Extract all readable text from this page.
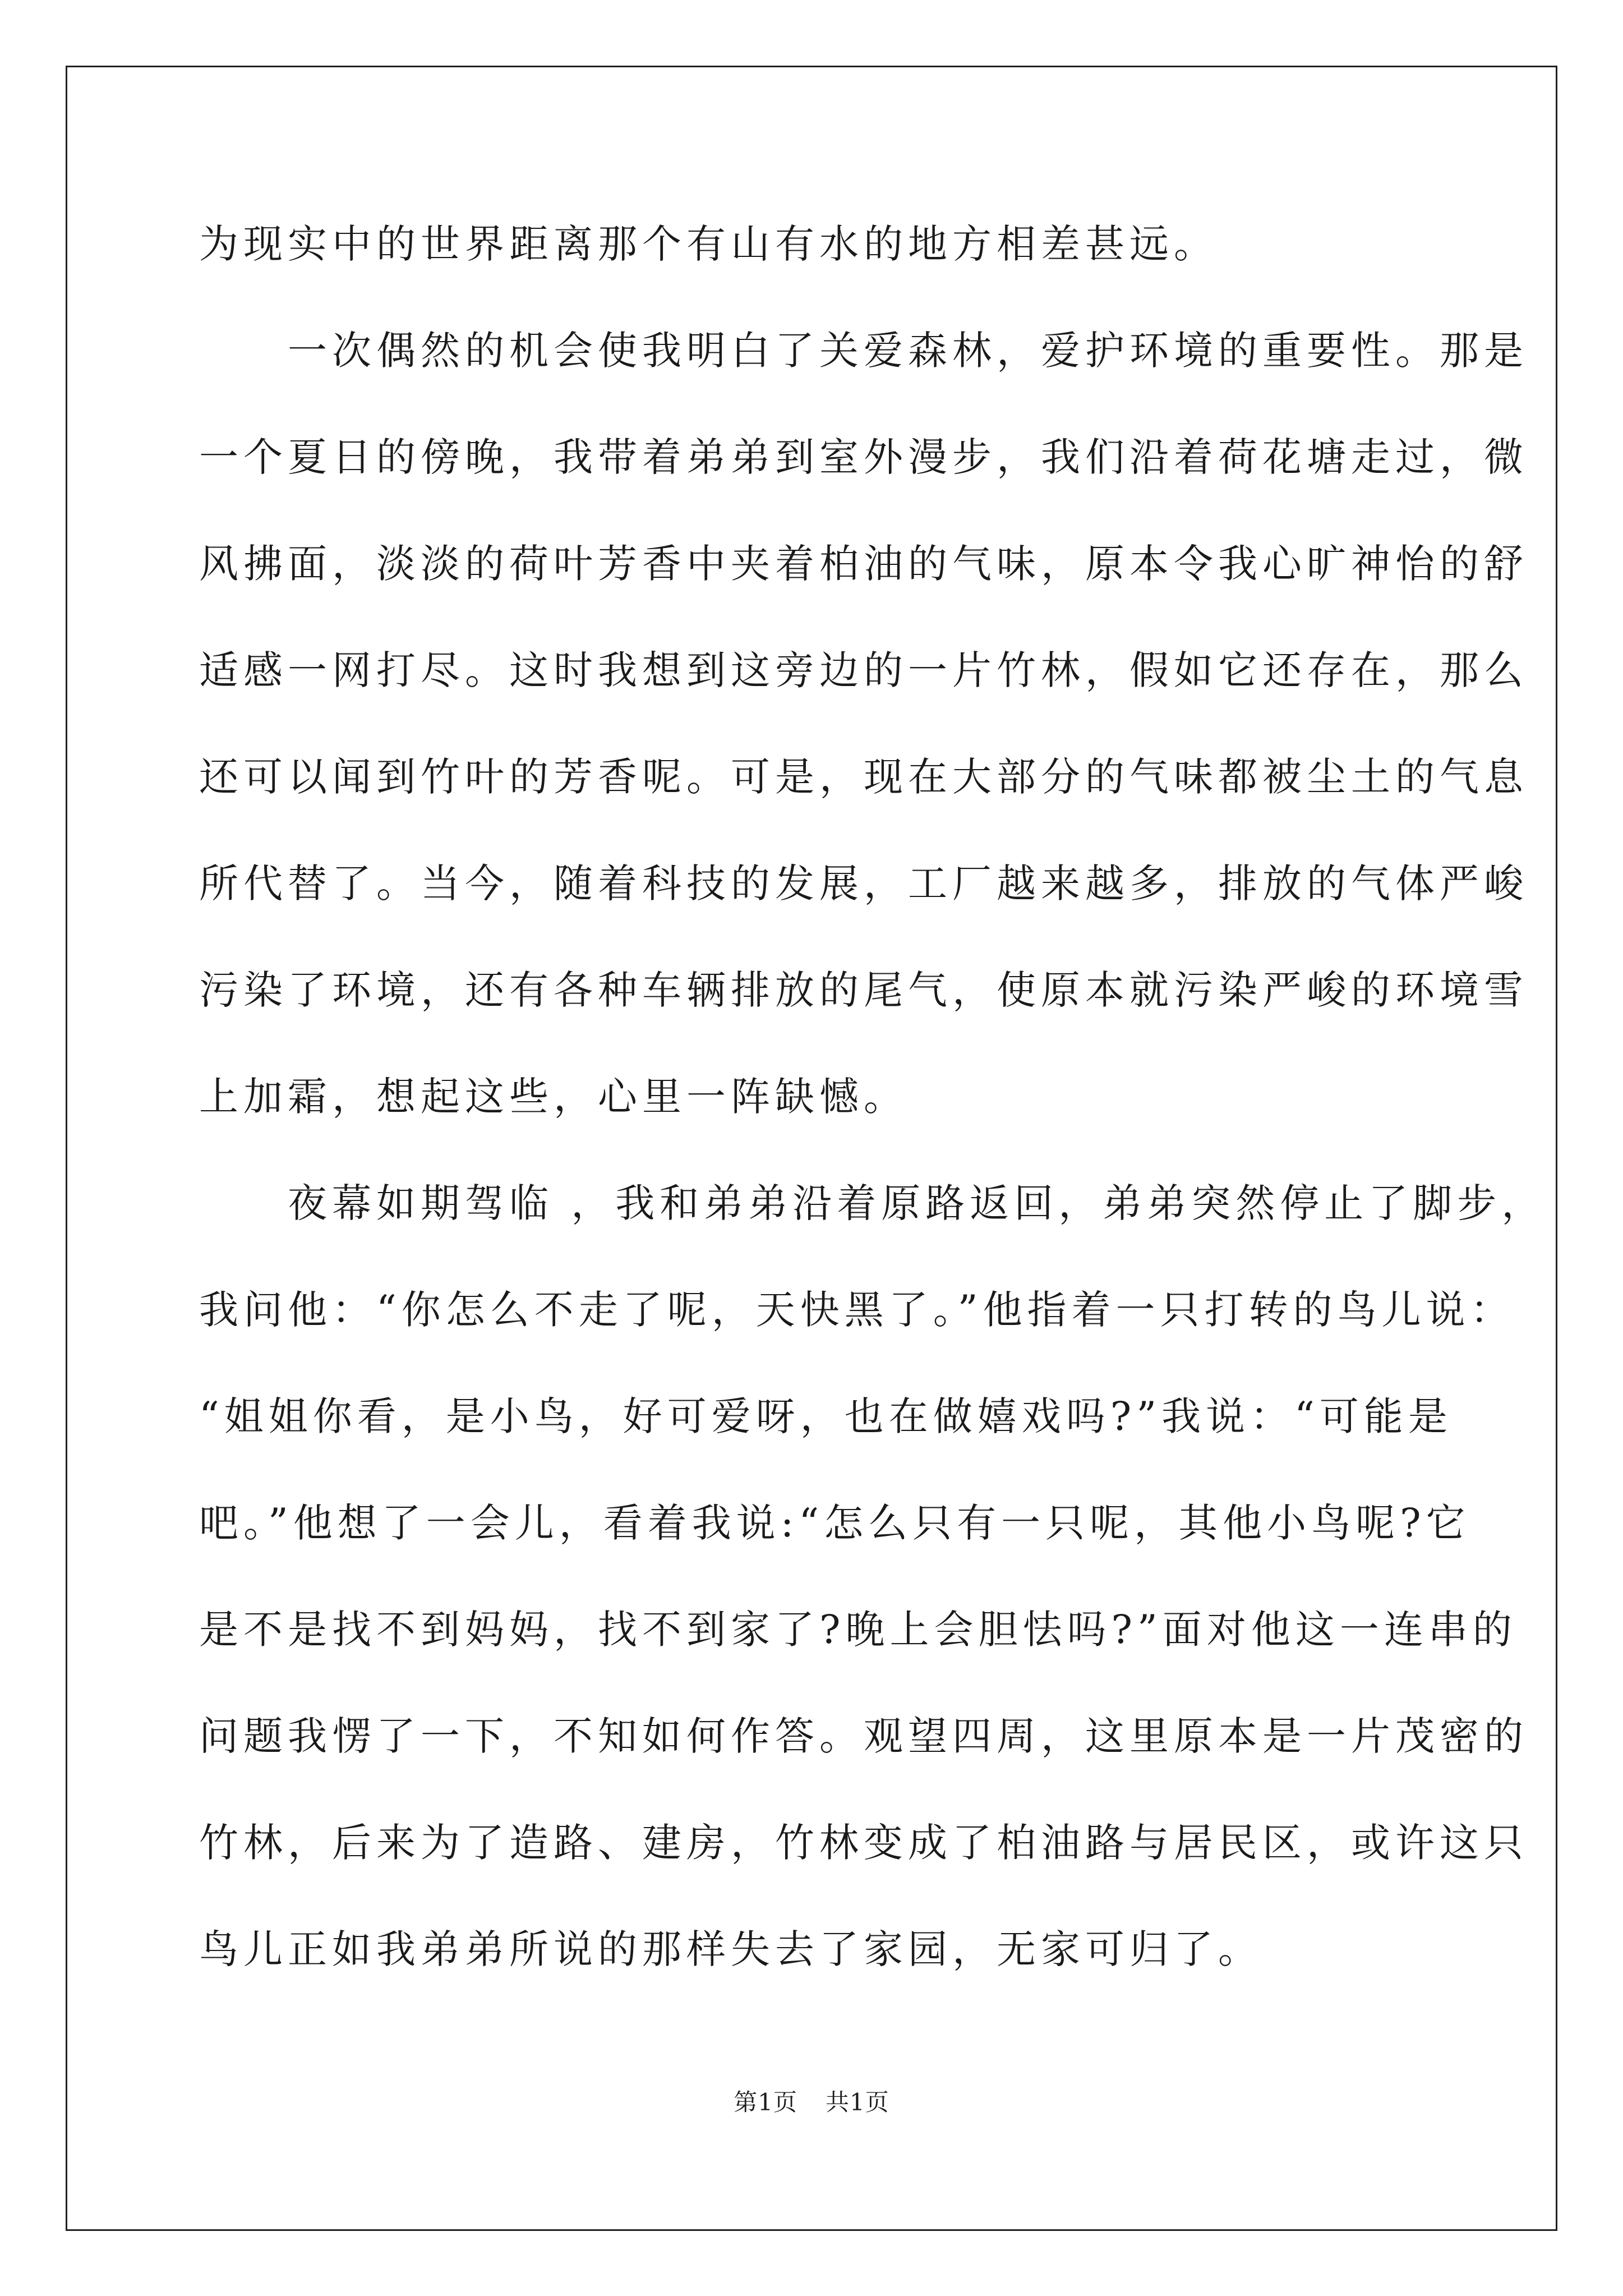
为现实中的世界距离那个有山有水的地方相差甚远。
　　一次偶然的机会使我明白了关爱森林，爱护环境的重要性。那是
一个夏日的傍晚，我带着弟弟到室外漫步，我们沿着荷花塘走过，微
风拂面，淡淡的荷叶芳香中夹着柏油的气味，原本令我心旷神怡的舒
适感一网打尽。这时我想到这旁边的一片竹林，假如它还存在，那么
还可以闻到竹叶的芳香呢。可是，现在大部分的气味都被尘土的气息
所代替了。当今，随着科技的发展，工厂越来越多，排放的气体严峻
污染了环境，还有各种车辆排放的尾气，使原本就污染严峻的环境雪
上加霜，想起这些，心里一阵缺憾。
　　夜幕如期驾临 ，我和弟弟沿着原路返回，弟弟突然停止了脚步，
我问他：“你怎么不走了呢，天快黑了。”他指着一只打转的鸟儿说：
“姐姐你看，是小鸟，好可爱呀，也在做嬉戏吗?”我说：“可能是
吧。”他想了一会儿，看着我说:“怎么只有一只呢，其他小鸟呢?它
是不是找不到妈妈，找不到家了?晚上会胆怯吗?”面对他这一连串的
问题我愣了一下，不知如何作答。观望四周，这里原本是一片茂密的
竹林，后来为了造路、建房，竹林变成了柏油路与居民区，或许这只
鸟儿正如我弟弟所说的那样失去了家园，无家可归了。
第1页 共1页
